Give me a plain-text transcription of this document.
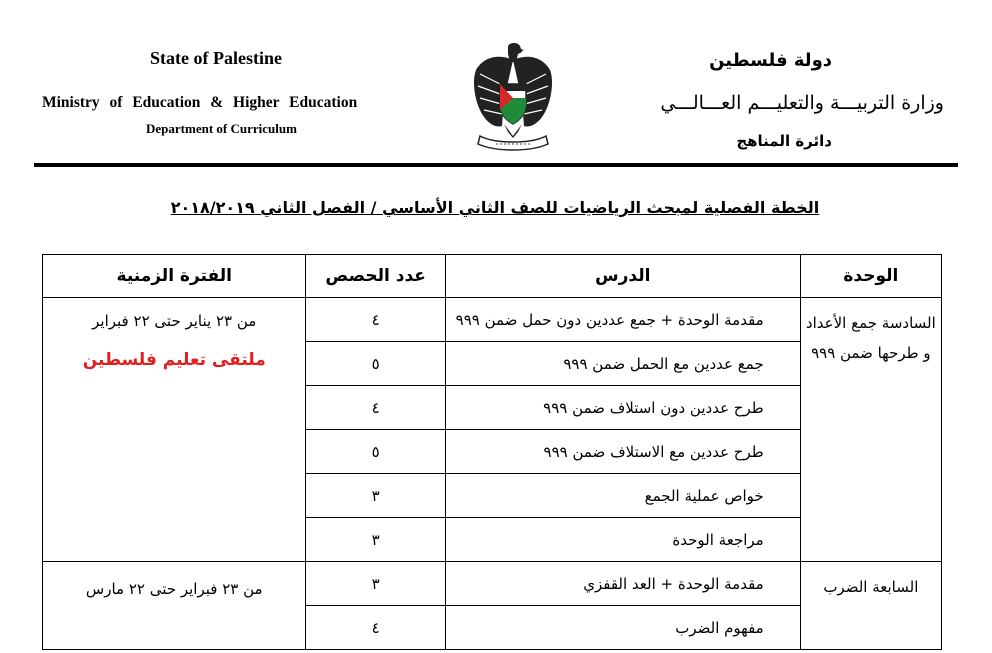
State of Palestine
Ministry of Education & Higher Education
Department of Curriculum
دولة فلسطين
وزارة التربيـــة والتعليـــم العـــالـــي
دائرة المناهج
الخطة الفصلية لمبحث الرياضيات للصف الثاني الأساسي / الفصل الثاني ٢٠١٨/٢٠١٩
الوحدة	الدرس	عدد الحصص	الفترة الزمنية
السادسة جمع الأعداد و طرحها ضمن ٩٩٩	مقدمة الوحدة + جمع عددين دون حمل ضمن ٩٩٩	٤	من ٢٣ يناير حتى ٢٢ فبراير
ملتقى تعليم فلسطين

	جمع عددين مع الحمل ضمن ٩٩٩	٥	
	طرح عددين دون استلاف ضمن ٩٩٩	٤	
	طرح عددين مع الاستلاف ضمن ٩٩٩	٥	
	خواص عملية الجمع	٣	
	مراجعة الوحدة	٣	
السابعة الضرب	مقدمة الوحدة + العد القفزي	٣	من ٢٣ فبراير حتى ٢٢ مارس
	مفهوم الضرب	٤	
